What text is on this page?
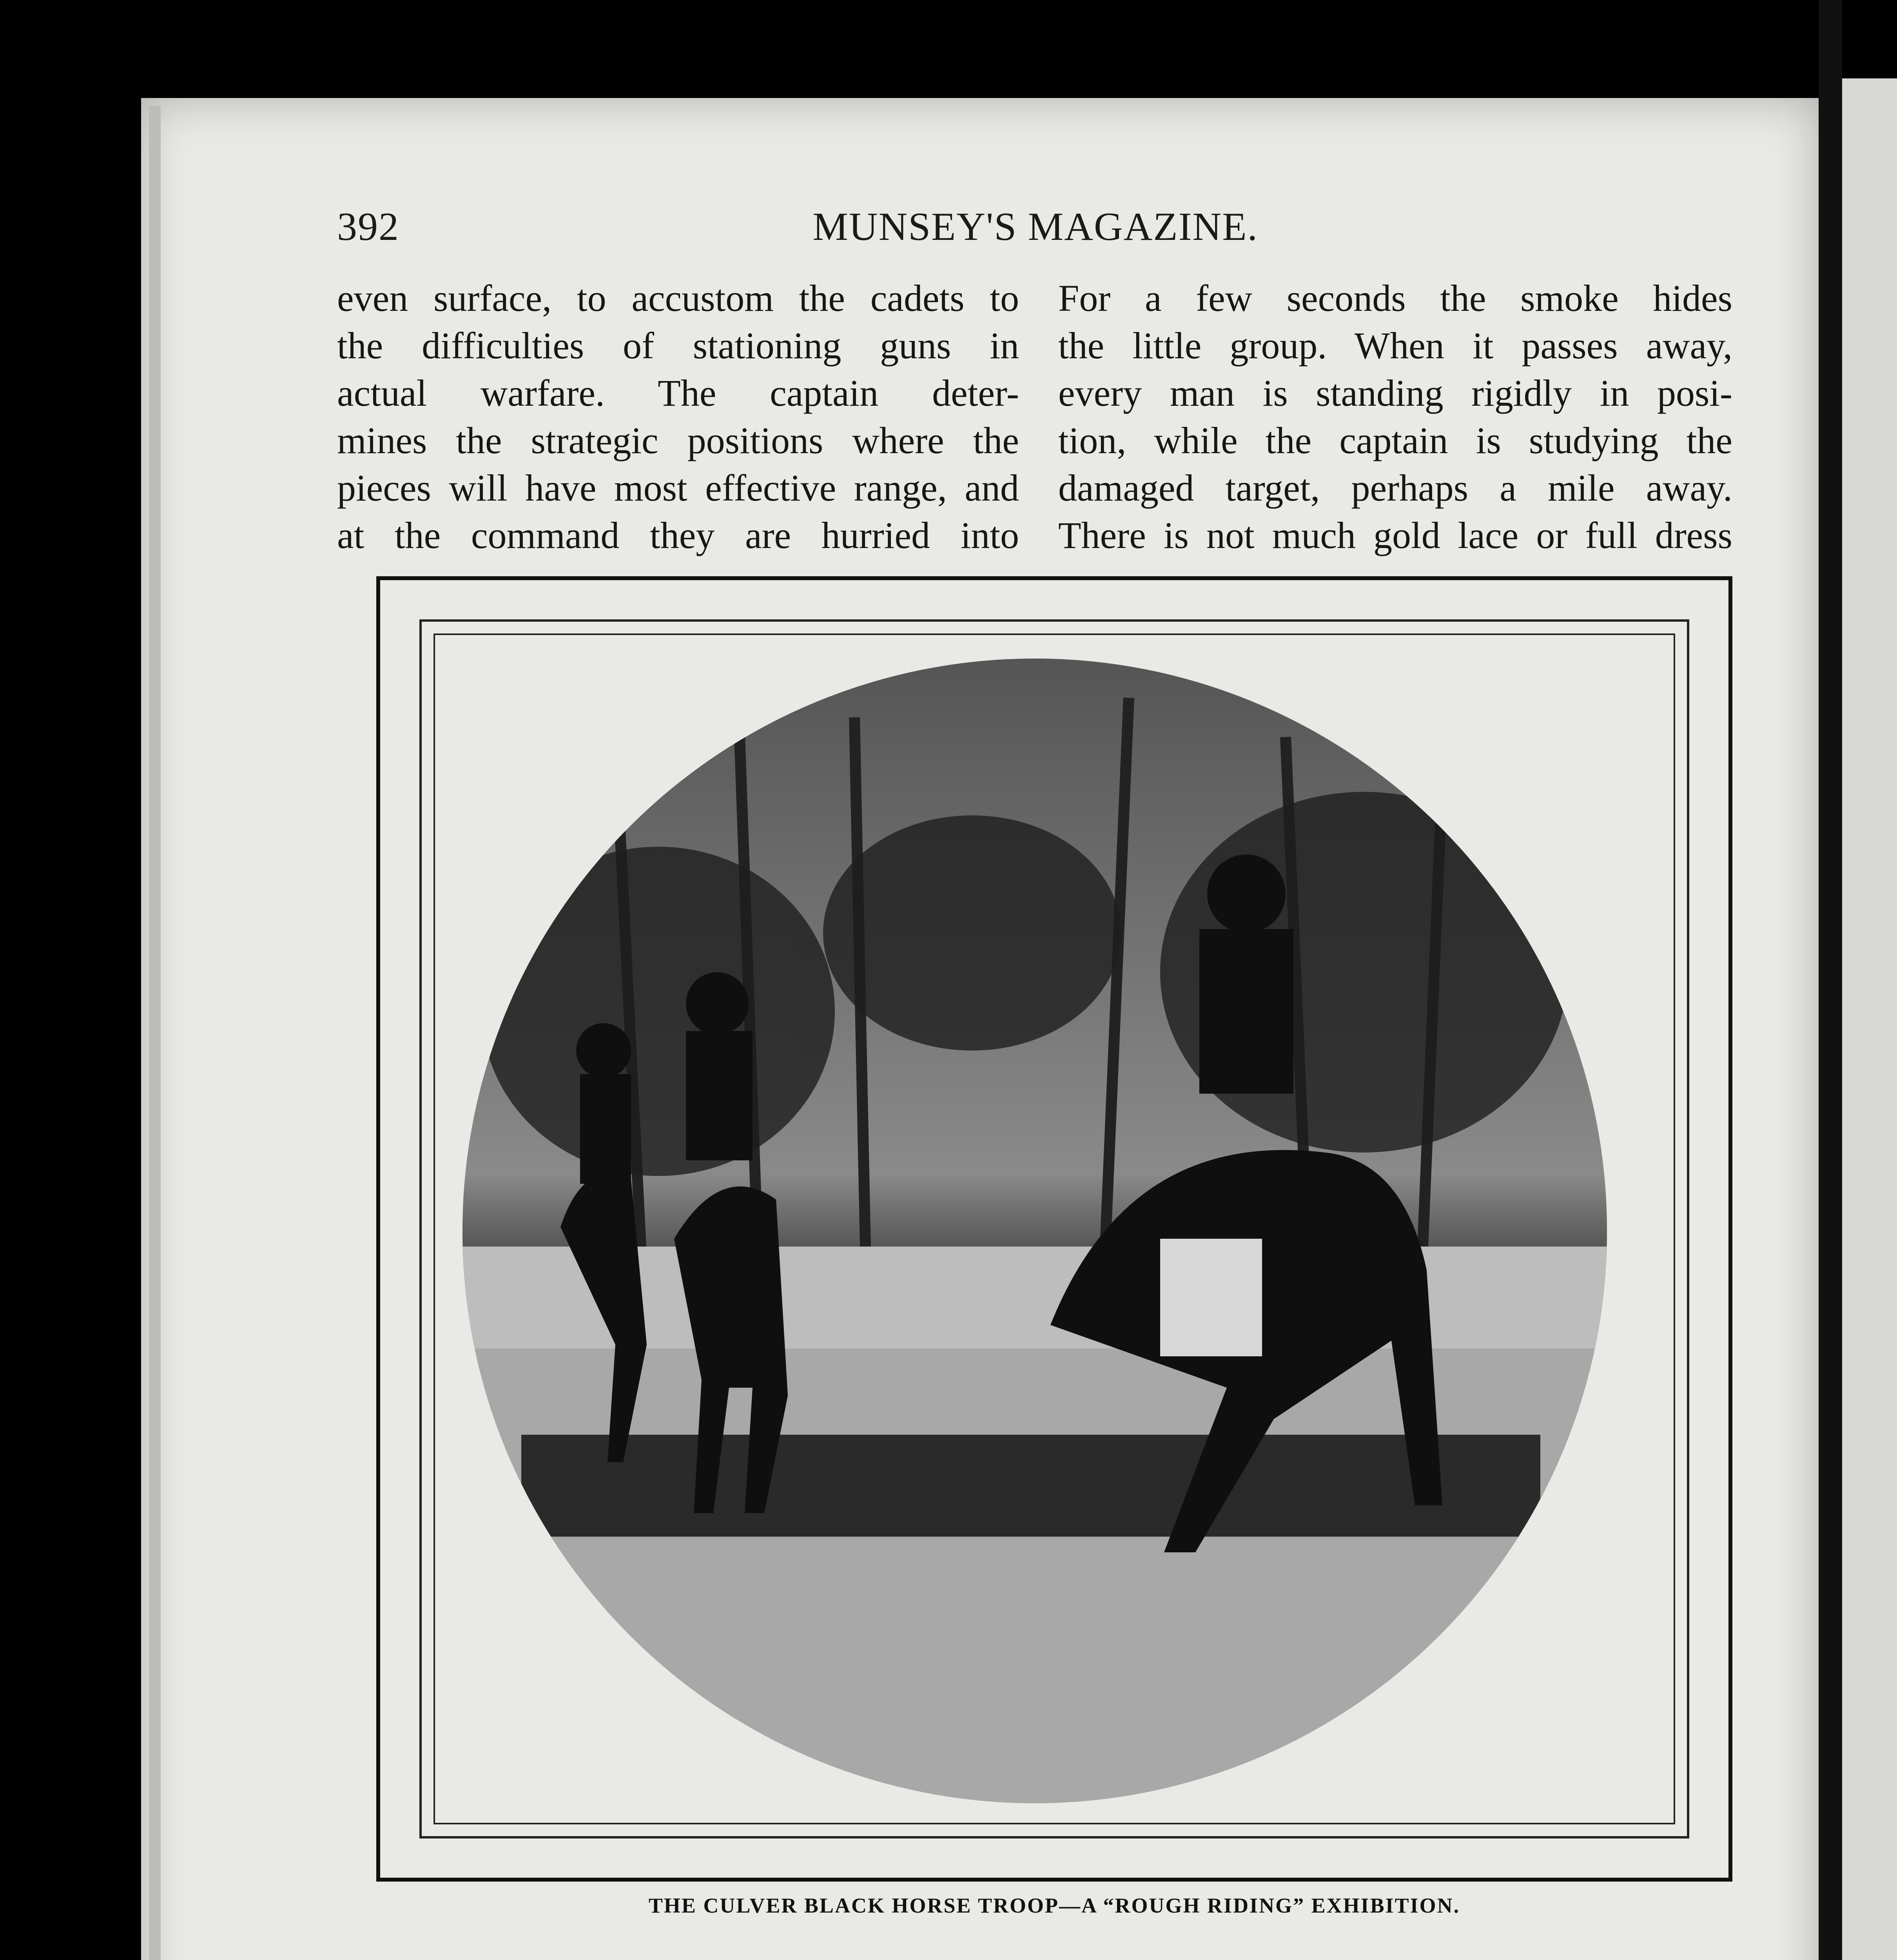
392	MUNSEY'S MAGAZINE.

even surface, to accustom the cadets to

the difficulties of stationing guns in

actual warfare. The captain deter-

mines the strategic positions where the

pieces will have most effective range, and

at the command they are hurried into

For a few seconds the smoke hides

the little group. When it passes away,

every man is standing rigidly in posi-

tion, while the captain is studying the

damaged target, perhaps a mile away.

There is not much gold lace or full dress

THE CULVER BLACK HORSE TROOP—A “ROUGH RIDING” EXHIBITION.
